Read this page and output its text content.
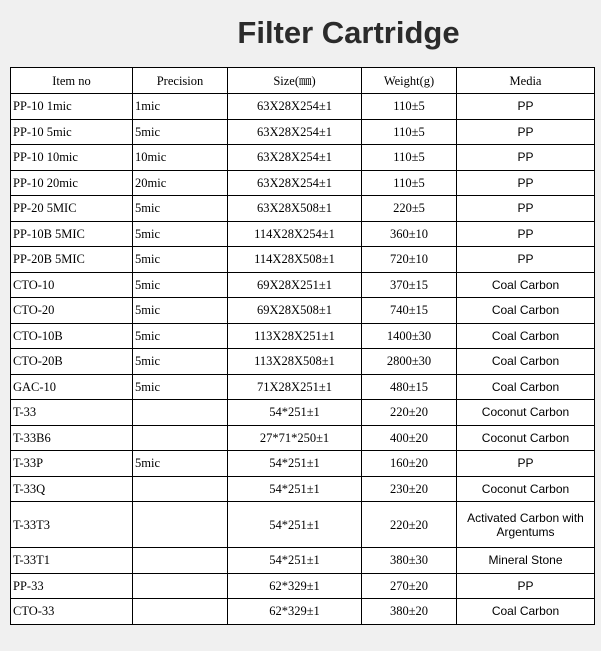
Filter Cartridge
Item no	Precision	Size(㎜)	Weight(g)	Media
PP-10 1mic	1mic	63X28X254±1	110±5	PP
PP-10 5mic	5mic	63X28X254±1	110±5	PP
PP-10 10mic	10mic	63X28X254±1	110±5	PP
PP-10 20mic	20mic	63X28X254±1	110±5	PP
PP-20 5MIC	5mic	63X28X508±1	220±5	PP
PP-10B 5MIC	5mic	114X28X254±1	360±10	PP
PP-20B 5MIC	5mic	114X28X508±1	720±10	PP
CTO-10	5mic	69X28X251±1	370±15	Coal Carbon
CTO-20	5mic	69X28X508±1	740±15	Coal Carbon
CTO-10B	5mic	113X28X251±1	1400±30	Coal Carbon
CTO-20B	5mic	113X28X508±1	2800±30	Coal Carbon
GAC-10	5mic	71X28X251±1	480±15	Coal Carbon
T-33		54*251±1	220±20	Coconut Carbon
T-33B6		27*71*250±1	400±20	Coconut Carbon
T-33P	5mic	54*251±1	160±20	PP
T-33Q		54*251±1	230±20	Coconut Carbon
T-33T3		54*251±1	220±20	Activated Carbon with Argentums
T-33T1		54*251±1	380±30	Mineral Stone
PP-33		62*329±1	270±20	PP
CTO-33		62*329±1	380±20	Coal Carbon
